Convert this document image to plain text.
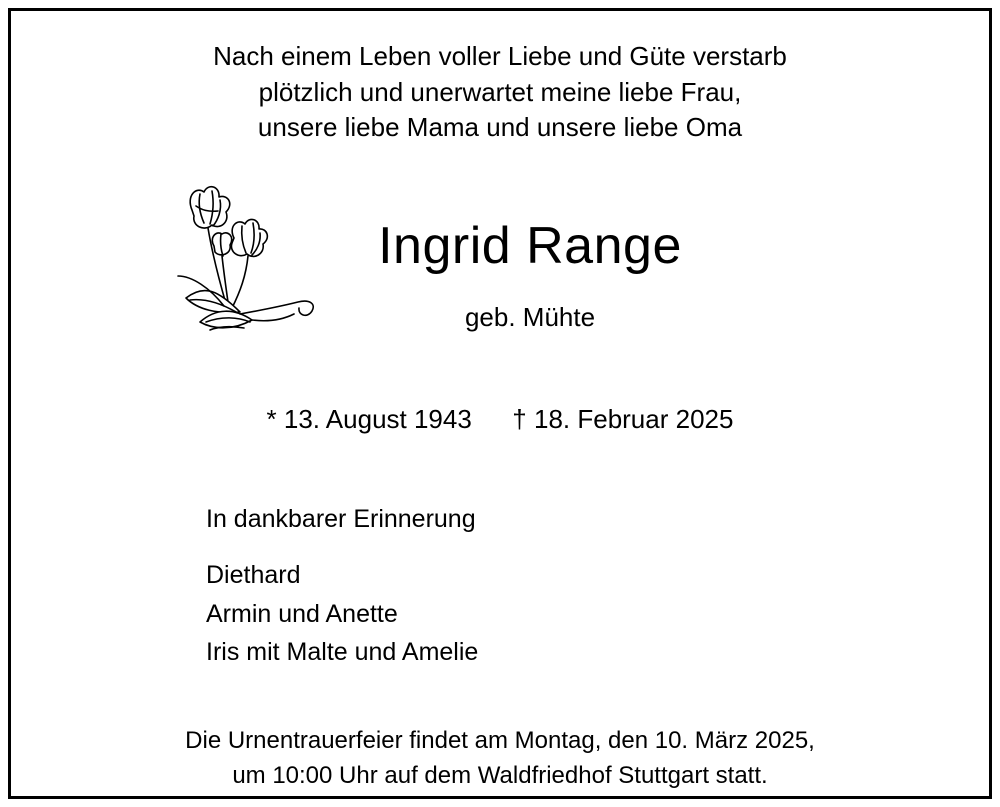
Nach einem Leben voller Liebe und Güte verstarb
plötzlich und unerwartet meine liebe Frau,
unsere liebe Mama und unsere liebe Oma
Ingrid Range
geb. Mühte
* 13. August 1943 † 18. Februar 2025
In dankbarer Erinnerung
Diethard
Armin und Anette
Iris mit Malte und Amelie
Die Urnentrauerfeier findet am Montag, den 10. März 2025,
um 10:00 Uhr auf dem Waldfriedhof Stuttgart statt.
